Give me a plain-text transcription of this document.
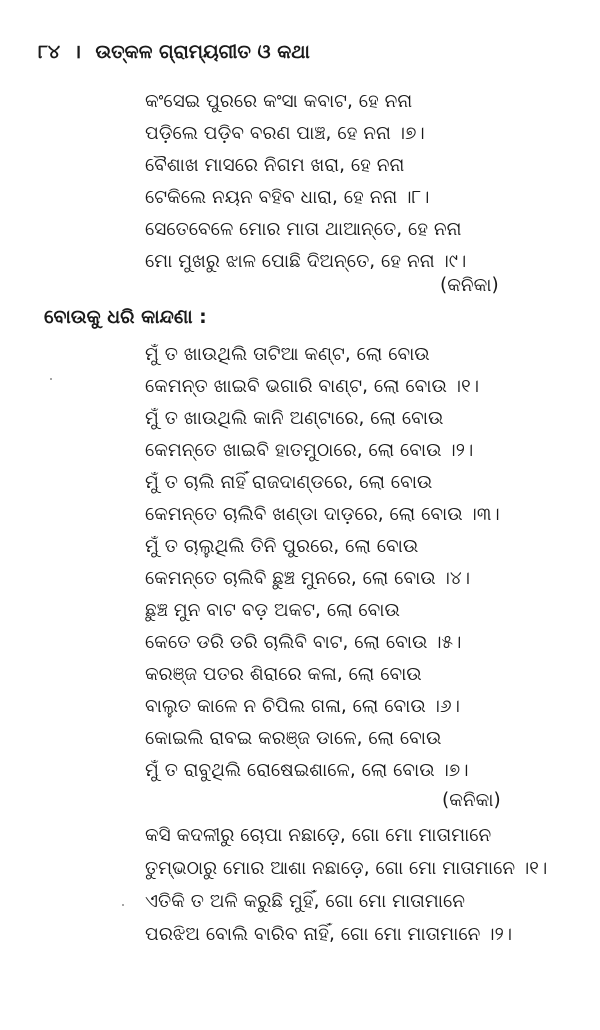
୮୪ । ଉତ୍କଳ ଗ୍ରାମ୍ୟଗୀତ ଓ କଥା
କଂସେଇ ପୁରରେ କଂସା କବାଟ, ହେ ନନା
ପଡ଼ିଲେ ପଡ଼ିବ ବରଣ ପାଞ୍ଚ, ହେ ନନା ।୭।
ବୈଶାଖ ମାସରେ ନିଗମ ଖରା, ହେ ନନା
ଟେକିଲେ ନୟନ ବହିବ ଧାରା, ହେ ନନା ।୮।
ସେତେବେଳେ ମୋର ମାତା ଥାଆନ୍ତେ, ହେ ନନା
ମୋ ମୁଖରୁ ଝାଳ ପୋଛି ଦିଅନ୍ତେ, ହେ ନନା ।୯।
(କନିକା)
ବୋଉକୁ ଧରି କାନ୍ଦଣା :
ମୁଁ ତ ଖାଉଥିଲି ତାଟିଆ କଣ୍ଟ, ଲୋ ବୋଉ
କେମନ୍ତ ଖାଇବି ଭଗାରି ବାଣ୍ଟ, ଲୋ ବୋଉ ।୧।
ମୁଁ ତ ଖାଉଥିଲି କାନି ଅଣ୍ଟାରେ, ଲୋ ବୋଉ
କେମନ୍ତେ ଖାଇବି ହାତମୁଠାରେ, ଲୋ ବୋଉ ।୨।
ମୁଁ ତ ଚାଲି ନାହିଁ ରାଜଦାଣ୍ଡରେ, ଲୋ ବୋଉ
କେମନ୍ତେ ଚାଲିବି ଖଣ୍ଡା ଦାଡ଼ରେ, ଲୋ ବୋଉ ।୩।
ମୁଁ ତ ଚାଲୁଥିଲି ତିନି ପୁରରେ, ଲୋ ବୋଉ
କେମନ୍ତେ ଚାଲିବି ଛୁଞ୍ଚ ମୁନରେ, ଲୋ ବୋଉ ।୪।
ଛୁଞ୍ଚ ମୁନ ବାଟ ବଡ଼ ଅକଟ, ଲୋ ବୋଉ
କେତେ ଡରି ଡରି ଚାଲିବି ବାଟ, ଲୋ ବୋଉ ।୫।
କରଞ୍ଜ ପତର ଶିରାରେ କଳା, ଲୋ ବୋଉ
ବାଲୁତ କାଳେ ନ ଚିପିଲ ଗଳା, ଲୋ ବୋଉ ।୬।
କୋଇଲି ରାବଇ କରଞ୍ଜ ଡାଳେ, ଲୋ ବୋଉ
ମୁଁ ତ ରାବୁଥିଲି ରୋଷେଇଶାଳେ, ଲୋ ବୋଉ ।୭।
(କନିକା)
କସି କଦଳୀରୁ ଚୋପା ନଛାଡ଼େ, ଗୋ ମୋ ମାତାମାନେ
ତୁମ୍ଭଠାରୁ ମୋର ଆଶା ନଛାଡ଼େ, ଗୋ ମୋ ମାତାମାନେ ।୧।
ଏତିକି ତ ଅଳି କରୁଛି ମୁହିଁ, ଗୋ ମୋ ମାତାମାନେ
ପରଝିଅ ବୋଲି ବାରିବ ନାହିଁ, ଗୋ ମୋ ମାତାମାନେ ।୨।
